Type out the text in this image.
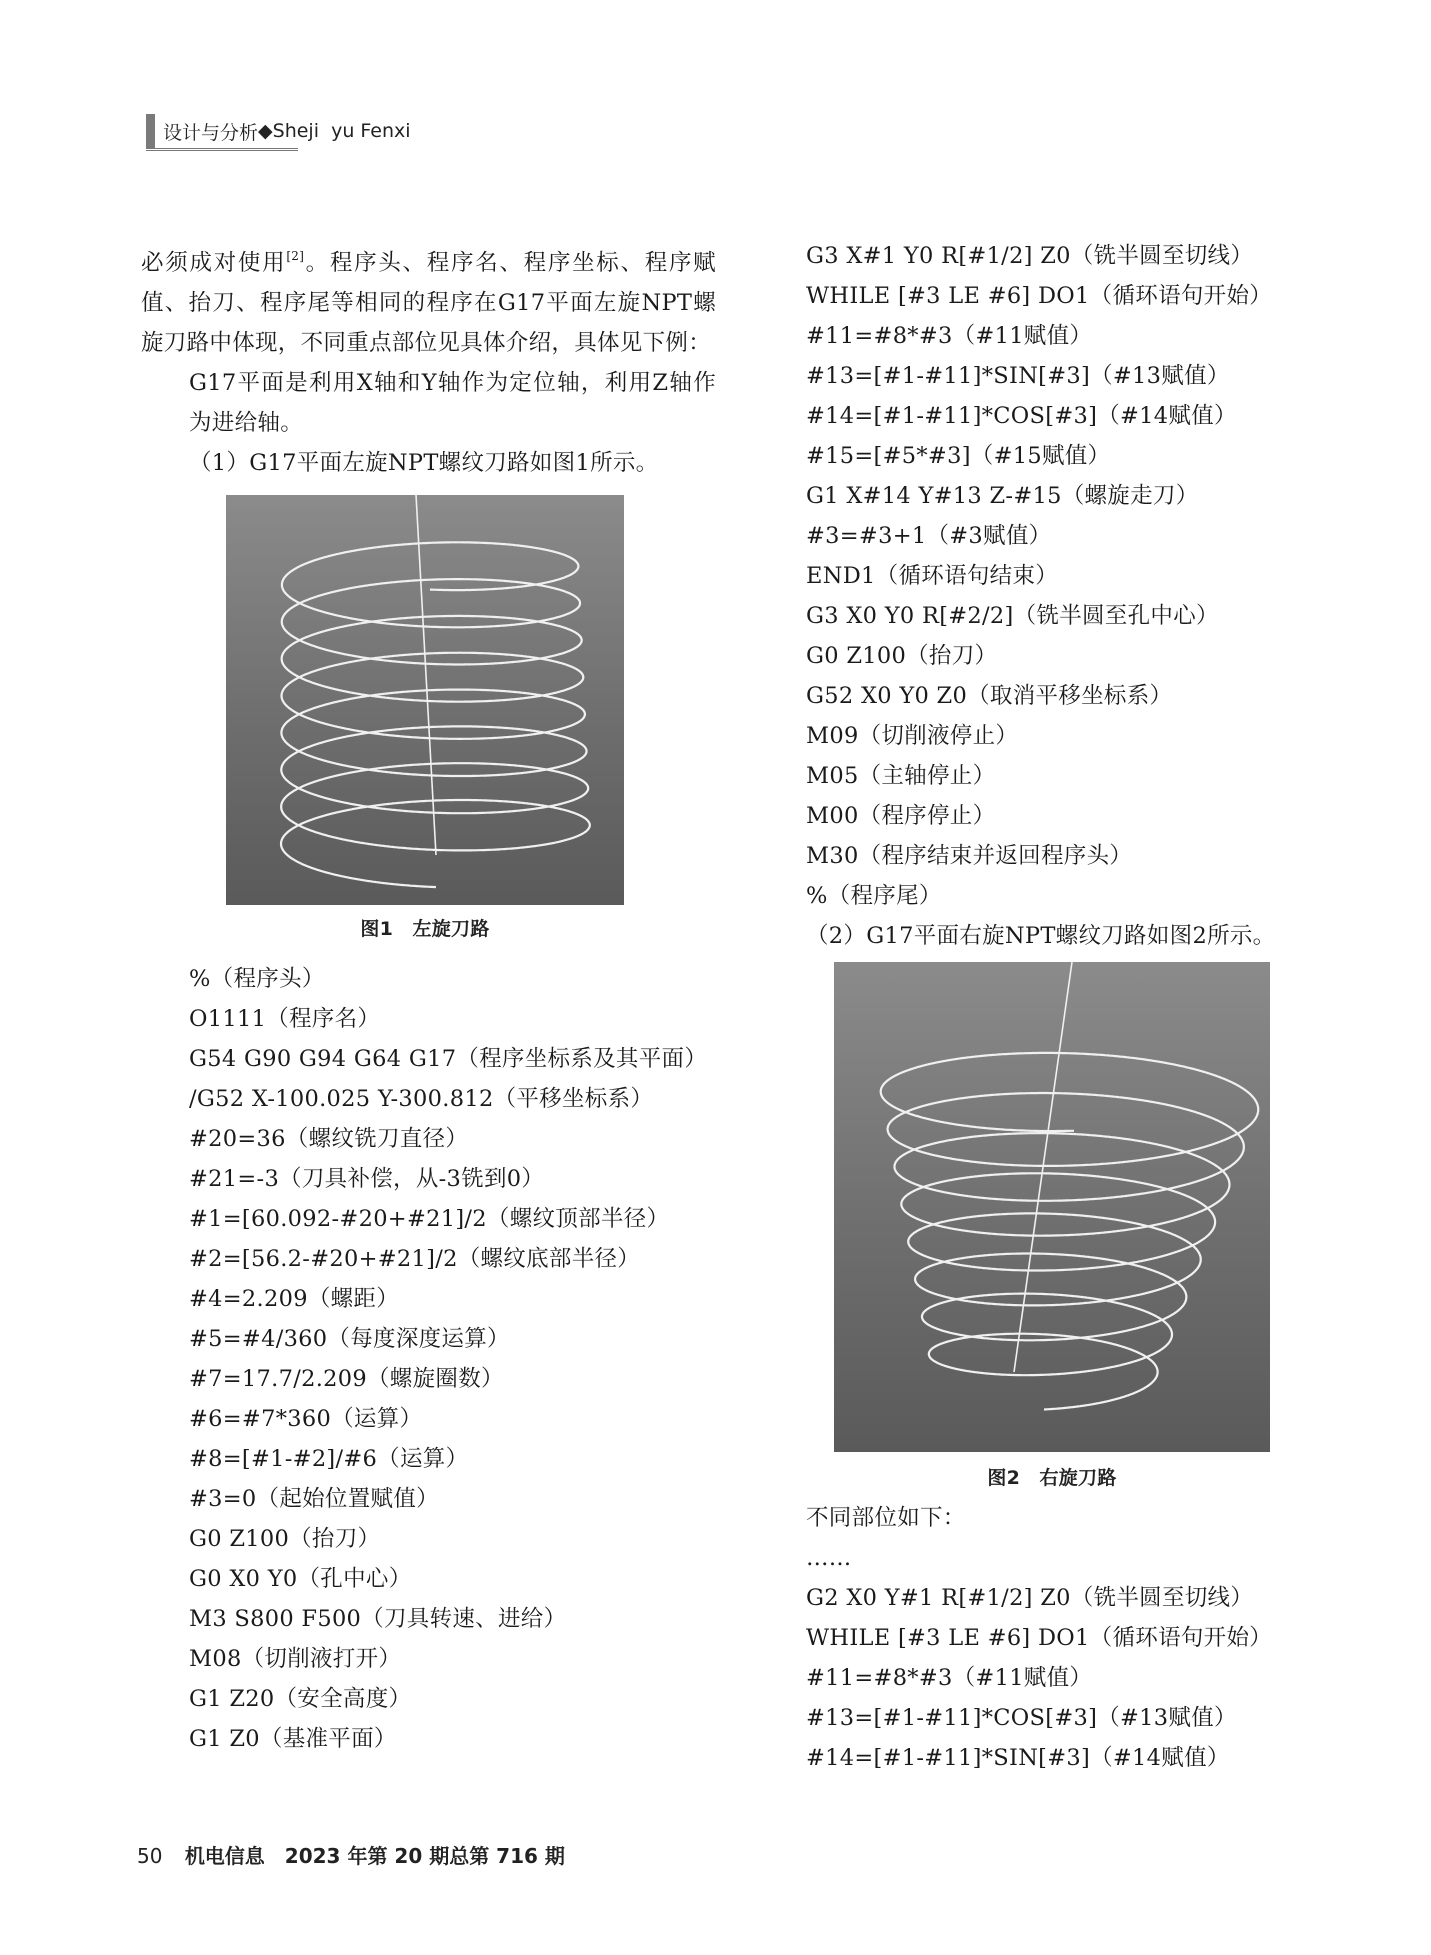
设计与分析 ◆ Sheji  yu Fenxi

必须成对使用[2]。程序头、程序名、程序坐标、程序赋值、抬刀、程序尾等相同的程序在G17平面左旋NPT螺旋刀路中体现，不同重点部位见具体介绍，具体见下例：

G17平面是利用X轴和Y轴作为定位轴，利用Z轴作为进给轴。

（1）G17平面左旋NPT螺纹刀路如图1所示。

图1　左旋刀路

%（程序头）

O1111（程序名）

G54 G90 G94 G64 G17（程序坐标系及其平面）

/G52 X-100.025 Y-300.812（平移坐标系）

#20=36（螺纹铣刀直径）

#21=-3（刀具补偿，从-3铣到0）

#1=[60.092-#20+#21]/2（螺纹顶部半径）

#2=[56.2-#20+#21]/2（螺纹底部半径）

#4=2.209（螺距）

#5=#4/360（每度深度运算）

#7=17.7/2.209（螺旋圈数）

#6=#7*360（运算）

#8=[#1-#2]/#6（运算）

#3=0（起始位置赋值）

G0 Z100（抬刀）

G0 X0 Y0（孔中心）

M3 S800 F500（刀具转速、进给）

M08（切削液打开）

G1 Z20（安全高度）

G1 Z0（基准平面）

G3 X#1 Y0 R[#1/2] Z0（铣半圆至切线）

WHILE [#3 LE #6] DO1（循环语句开始）

#11=#8*#3（#11赋值）

#13=[#1-#11]*SIN[#3]（#13赋值）

#14=[#1-#11]*COS[#3]（#14赋值）

#15=[#5*#3]（#15赋值）

G1 X#14 Y#13 Z-#15（螺旋走刀）

#3=#3+1（#3赋值）

END1（循环语句结束）

G3 X0 Y0 R[#2/2]（铣半圆至孔中心）

G0 Z100（抬刀）

G52 X0 Y0 Z0（取消平移坐标系）

M09（切削液停止）

M05（主轴停止）

M00（程序停止）

M30（程序结束并返回程序头）

%（程序尾）

（2）G17平面右旋NPT螺纹刀路如图2所示。

图2　右旋刀路

不同部位如下：

……

G2 X0 Y#1 R[#1/2] Z0（铣半圆至切线）

WHILE [#3 LE #6] DO1（循环语句开始）

#11=#8*#3（#11赋值）

#13=[#1-#11]*COS[#3]（#13赋值）

#14=[#1-#11]*SIN[#3]（#14赋值）

50 机电信息　2023 年第 20 期总第 716 期
